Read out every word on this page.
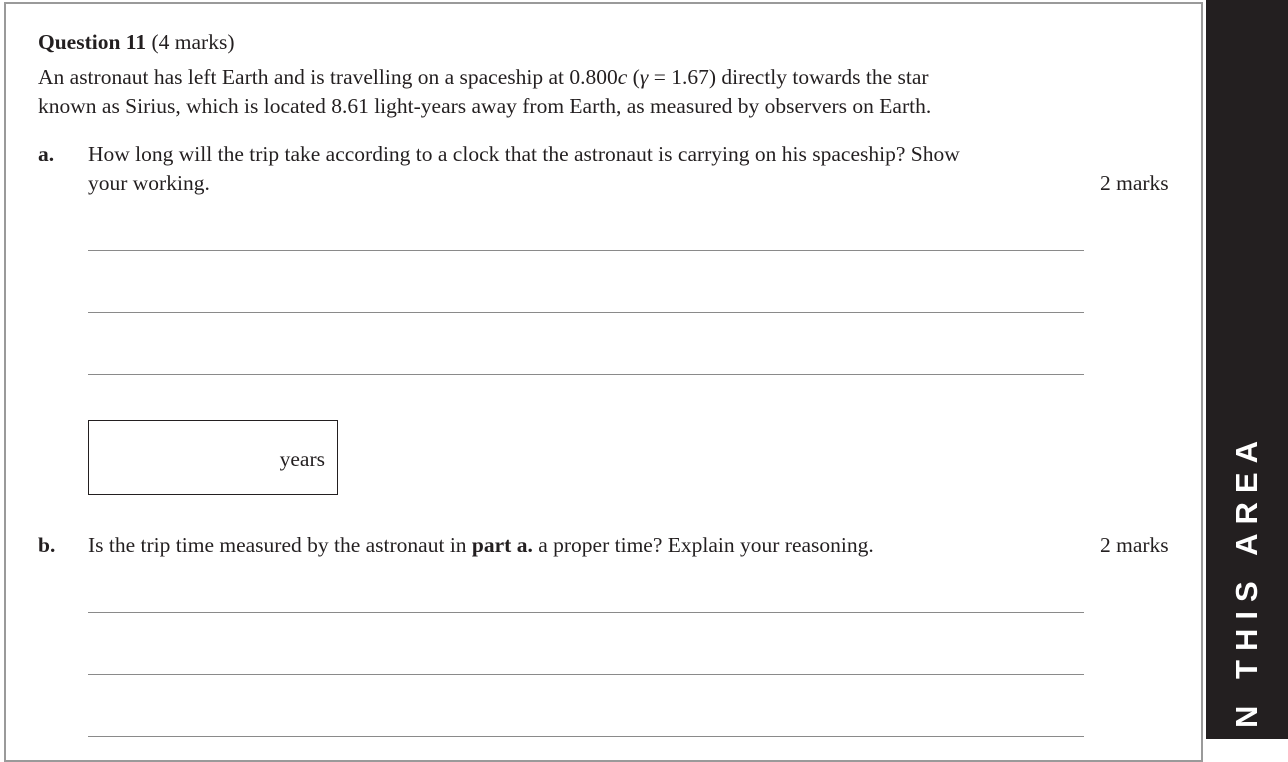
Question 11 (4 marks)
An astronaut has left Earth and is travelling on a spaceship at 0.800c (γ = 1.67) directly towards the star
known as Sirius, which is located 8.61 light-years away from Earth, as measured by observers on Earth.
a. How long will the trip take according to a clock that the astronaut is carrying on his spaceship? Show
your working.	2 marks
years
b. Is the trip time measured by the astronaut in part a. a proper time? Explain your reasoning.	2 marks N THIS AREA
